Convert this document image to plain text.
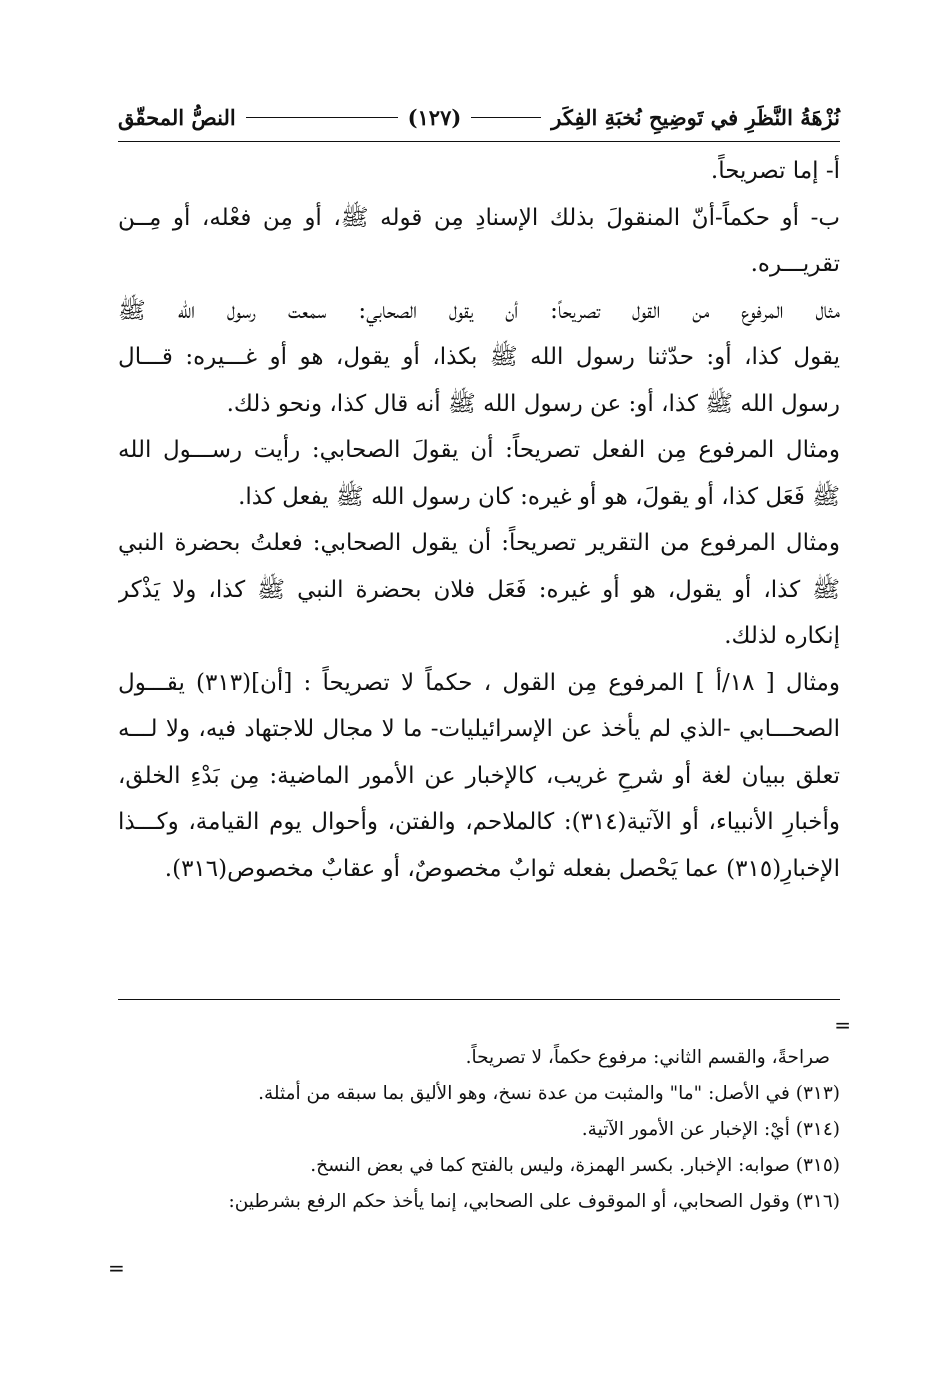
نُزْهَةُ النَّظَرِ في تَوضِيحِ نُخبَةِ الفِكَر
(١٢٧)
النصُّ المحقّق
أ- إما تصريحاً.
ب- أو حكماً-أنّ المنقولَ بذلك الإسنادِ مِن قوله ﷺ، أو مِن فعْله، أو مِــن
تقريـــره.
مثال المرفوع من القول تصريحاً: أن يقول الصحابي: سمعت رسول الله ﷺ
يقول كذا، أو: حدّثنا رسول الله ﷺ بكذا، أو يقول، هو أو غـــيره: قـــال
رسول الله ﷺ كذا، أو: عن رسول الله ﷺ أنه قال كذا، ونحو ذلك.
ومثال المرفوع مِن الفعل تصريحاً: أن يقولَ الصحابي: رأيت رســـول الله
ﷺ فَعَل كذا، أو يقولَ، هو أو غيره: كان رسول الله ﷺ يفعل كذا.
ومثال المرفوع من التقرير تصريحاً: أن يقول الصحابي: فعلتُ بحضرة النبي
ﷺ كذا، أو يقول، هو أو غيره: فَعَل فلان بحضرة النبي ﷺ كذا، ولا يَذْكر
إنكاره لذلك.
ومثال [ ١٨/أ ] المرفوع مِن القول ، حكماً لا تصريحاً : [أن](٣١٣) يقـــول
الصحـــابي -الذي لم يأخذ عن الإسرائيليات- ما لا مجال للاجتهاد فيه، ولا لـــه
تعلق ببيان لغة أو شرحِ غريب، كالإخبار عن الأمور الماضية: مِن بَدْءِ الخلق،
وأخبارِ الأنبياء، أو الآتية(٣١٤): كالملاحم، والفتن، وأحوال يوم القيامة، وكـــذا
الإخبارِ(٣١٥) عما يَحْصل بفعله ثوابٌ مخصوصٌ، أو عقابٌ مخصوص(٣١٦).
=
صراحةً، والقسم الثاني: مرفوع حكماً، لا تصريحاً.
(٣١٣) في الأصل: "ما" والمثبت من عدة نسخ، وهو الأليق بما سبقه من أمثلة.
(٣١٤) أيْ: الإخبار عن الأمور الآتية.
(٣١٥) صوابه: الإخبار. بكسر الهمزة، وليس بالفتح كما في بعض النسخ.
(٣١٦) وقول الصحابي، أو الموقوف على الصحابي، إنما يأخذ حكم الرفع بشرطين:
=
